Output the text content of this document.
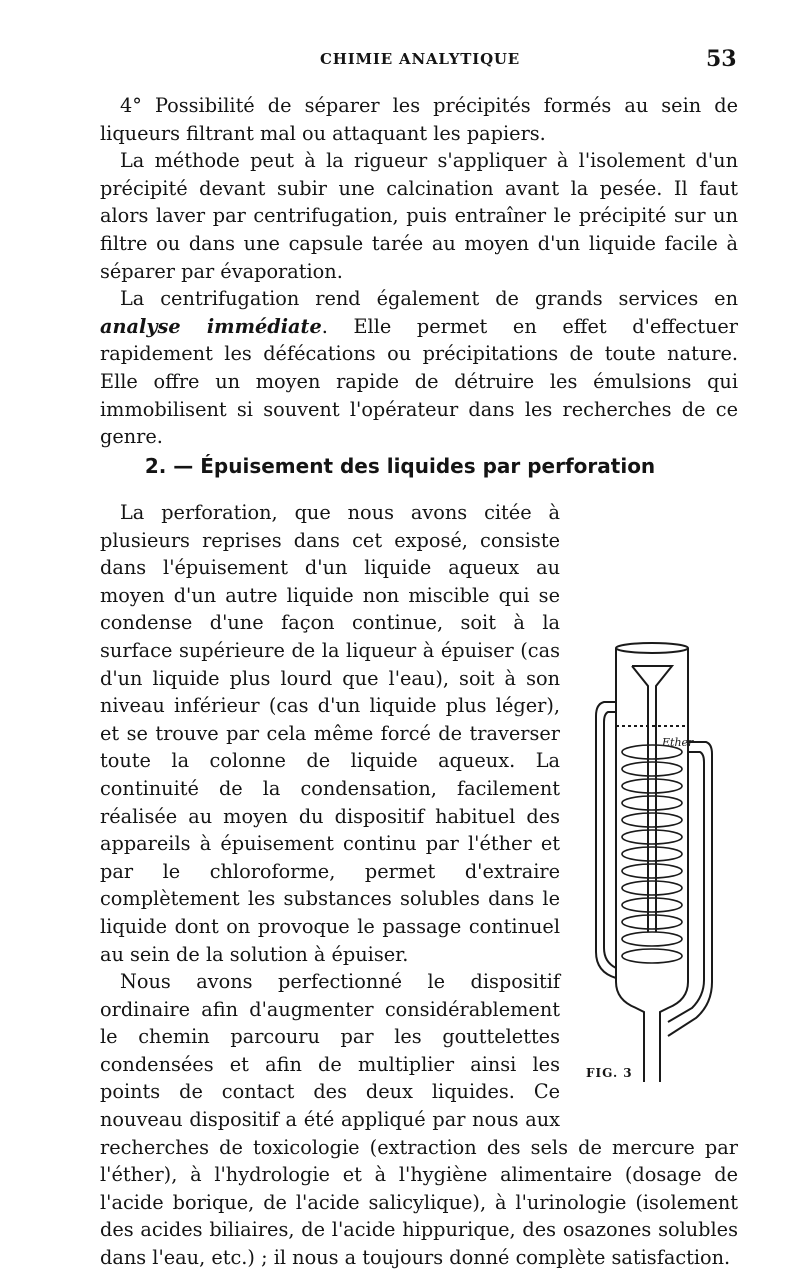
CHIMIE ANALYTIQUE	53

4° Possibilité de séparer les précipités formés au sein de liqueurs filtrant mal ou attaquant les papiers.

La méthode peut à la rigueur s'appliquer à l'isolement d'un précipité devant subir une calcination avant la pesée. Il faut alors laver par centrifugation, puis entraîner le précipité sur un filtre ou dans une capsule tarée au moyen d'un liquide facile à séparer par évaporation.

La centrifugation rend également de grands services en analyse immédiate. Elle permet en effet d'effectuer rapidement les défécations ou précipitations de toute nature. Elle offre un moyen rapide de détruire les émulsions qui immobilisent si souvent l'opérateur dans les recherches de ce genre.

2. — Épuisement des liquides par perforation

La perforation, que nous avons citée à plusieurs reprises dans cet exposé, consiste dans l'épuisement d'un liquide aqueux au moyen d'un autre liquide non miscible qui se condense d'une façon continue, soit à la surface supérieure de la liqueur à épuiser (cas d'un liquide plus lourd que l'eau), soit à son niveau inférieur (cas d'un liquide plus léger), et se trouve par cela même forcé de traverser toute la colonne de liquide aqueux. La continuité de la condensation, facilement réalisée au moyen du dispositif habituel des appareils à épuisement continu par l'éther et par le chloroforme, permet d'extraire complètement les substances solubles dans le liquide dont on provoque le passage continuel au sein de la solution à épuiser.

Nous avons perfectionné le dispositif ordinaire afin d'augmenter considérablement le chemin parcouru par les gouttelettes condensées et afin de multiplier ainsi les points de contact des deux liquides. Ce nouveau dispositif a été appliqué par nous aux recherches de toxicologie (extraction des sels de mercure par l'éther), à l'hydrologie et à l'hygiène alimentaire (dosage de l'acide borique, de l'acide salicylique), à l'urinologie (isolement des acides biliaires, de l'acide hippurique, des osazones solubles dans l'eau, etc.) ; il nous a toujours donné complète satisfaction.

Ether
FIG. 3
